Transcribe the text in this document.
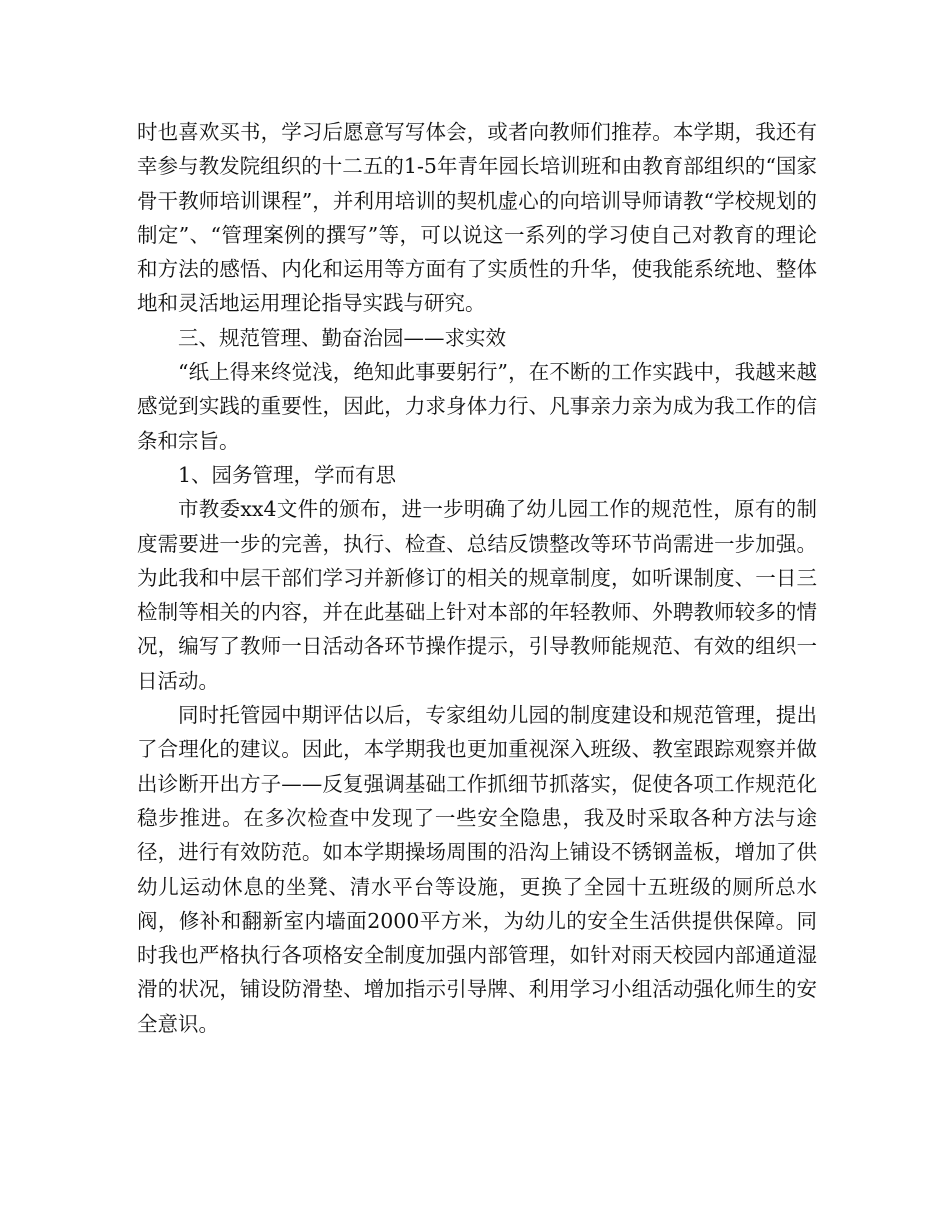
时也喜欢买书，学习后愿意写写体会，或者向教师们推荐。本学期，我还有幸参与教发院组织的十二五的1-5年青年园长培训班和由教育部组织的“国家骨干教师培训课程”，并利用培训的契机虚心的向培训导师请教“学校规划的制定”、“管理案例的撰写”等，可以说这一系列的学习使自己对教育的理论和方法的感悟、内化和运用等方面有了实质性的升华，使我能系统地、整体地和灵活地运用理论指导实践与研究。

三、规范管理、勤奋治园——求实效

“纸上得来终觉浅，绝知此事要躬行”，在不断的工作实践中，我越来越感觉到实践的重要性，因此，力求身体力行、凡事亲力亲为成为我工作的信条和宗旨。

1、园务管理，学而有思

市教委xx4文件的颁布，进一步明确了幼儿园工作的规范性，原有的制度需要进一步的完善，执行、检查、总结反馈整改等环节尚需进一步加强。为此我和中层干部们学习并新修订的相关的规章制度，如听课制度、一日三检制等相关的内容，并在此基础上针对本部的年轻教师、外聘教师较多的情况，编写了教师一日活动各环节操作提示，引导教师能规范、有效的组织一日活动。

同时托管园中期评估以后，专家组幼儿园的制度建设和规范管理，提出了合理化的建议。因此，本学期我也更加重视深入班级、教室跟踪观察并做出诊断开出方子——反复强调基础工作抓细节抓落实，促使各项工作规范化稳步推进。在多次检查中发现了一些安全隐患，我及时采取各种方法与途径，进行有效防范。如本学期操场周围的沿沟上铺设不锈钢盖板，增加了供幼儿运动休息的坐凳、清水平台等设施，更换了全园十五班级的厕所总水阀，修补和翻新室内墙面2000平方米，为幼儿的安全生活供提供保障。同时我也严格执行各项格安全制度加强内部管理，如针对雨天校园内部通道湿滑的状况，铺设防滑垫、增加指示引导牌、利用学习小组活动强化师生的安全意识。
